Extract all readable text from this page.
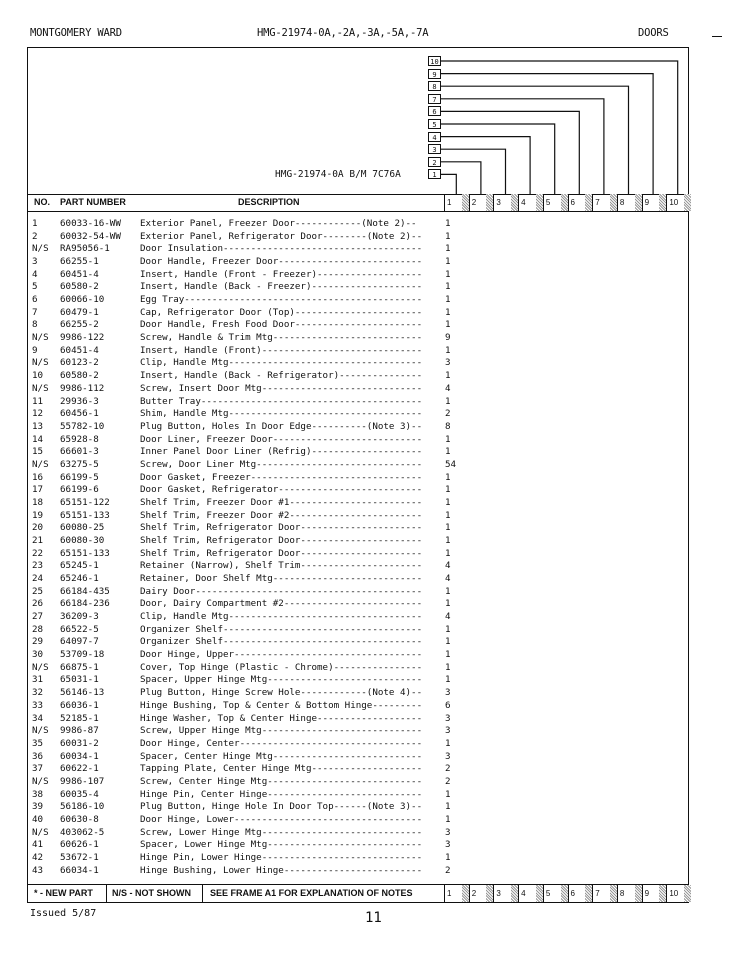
MONTGOMERY WARD	HMG-21974-0A,-2A,-3A,-5A,-7A	DOORS
10
9
8
7
6
5
4
3
2
1
HMG-21974-0A B/M 7C76A
NO. PART NUMBER	DESCRIPTION	1	2	3	4	5	6	7	8	9	10
1 60033-16-WW Exterior Panel, Freezer Door------------(Note 2)--	1
2 60032-54-WW Exterior Panel, Refrigerator Door--------(Note 2)--	1
N/S RA95056-1	Door Insulation------------------------------------	1
3 66255-1	Door Handle, Freezer Door--------------------------	1
4 60451-4	Insert, Handle (Front - Freezer)-------------------	1
5 60580-2	Insert, Handle (Back - Freezer)--------------------	1
6 60066-10	Egg Tray-------------------------------------------	1
7 60479-1	Cap, Refrigerator Door (Top)-----------------------	1
8 66255-2	Door Handle, Fresh Food Door-----------------------	1
N/S 9986-122	Screw, Handle & Trim Mtg---------------------------	9
9 60451-4	Insert, Handle (Front)-----------------------------	1
N/S 60123-2	Clip, Handle Mtg-----------------------------------	3
10 60580-2	Insert, Handle (Back - Refrigerator)---------------	1
N/S 9986-112	Screw, Insert Door Mtg-----------------------------	4
11 29936-3	Butter Tray----------------------------------------	1
12 60456-1	Shim, Handle Mtg-----------------------------------	2
13 55782-10	Plug Button, Holes In Door Edge----------(Note 3)--	8
14 65928-8	Door Liner, Freezer Door---------------------------	1
15 66601-3	Inner Panel Door Liner (Refrig)--------------------	1
N/S 63275-5	Screw, Door Liner Mtg------------------------------	54
16 66199-5	Door Gasket, Freezer-------------------------------	1
17 66199-6	Door Gasket, Refrigerator--------------------------	1
18 65151-122	Shelf Trim, Freezer Door #1------------------------	1
19 65151-133	Shelf Trim, Freezer Door #2------------------------	1
20 60080-25	Shelf Trim, Refrigerator Door----------------------	1
21 60080-30	Shelf Trim, Refrigerator Door----------------------	1
22 65151-133	Shelf Trim, Refrigerator Door----------------------	1
23 65245-1	Retainer (Narrow), Shelf Trim----------------------	4
24 65246-1	Retainer, Door Shelf Mtg---------------------------	4
25 66184-435	Dairy Door-----------------------------------------	1
26 66184-236	Door, Dairy Compartment #2-------------------------	1
27 36209-3	Clip, Handle Mtg-----------------------------------	4
28 66522-5	Organizer Shelf------------------------------------	1
29 64097-7	Organizer Shelf------------------------------------	1
30 53709-18	Door Hinge, Upper----------------------------------	1
N/S 66875-1	Cover, Top Hinge (Plastic - Chrome)----------------	1
31 65031-1	Spacer, Upper Hinge Mtg----------------------------	1
32 56146-13	Plug Button, Hinge Screw Hole------------(Note 4)--	3
33 66036-1	Hinge Bushing, Top & Center & Bottom Hinge---------	6
34 52185-1	Hinge Washer, Top & Center Hinge-------------------	3
N/S 9986-87	Screw, Upper Hinge Mtg-----------------------------	3
35 60031-2	Door Hinge, Center---------------------------------	1
36 60034-1	Spacer, Center Hinge Mtg---------------------------	3
37 60622-1	Tapping Plate, Center Hinge Mtg--------------------	2
N/S 9986-107	Screw, Center Hinge Mtg----------------------------	2
38 60035-4	Hinge Pin, Center Hinge----------------------------	1
39 56186-10	Plug Button, Hinge Hole In Door Top------(Note 3)--	1
40 60630-8	Door Hinge, Lower----------------------------------	1
N/S 403062-5	Screw, Lower Hinge Mtg-----------------------------	3
41 60626-1	Spacer, Lower Hinge Mtg----------------------------	3
42 53672-1	Hinge Pin, Lower Hinge-----------------------------	1
43 66034-1	Hinge Bushing, Lower Hinge-------------------------	2
* - NEW PART N/S - NOT SHOWN SEE FRAME A1 FOR EXPLANATION OF NOTES	1	2	3	4	5	6	7	8	9	10
Issued 5/87	11
